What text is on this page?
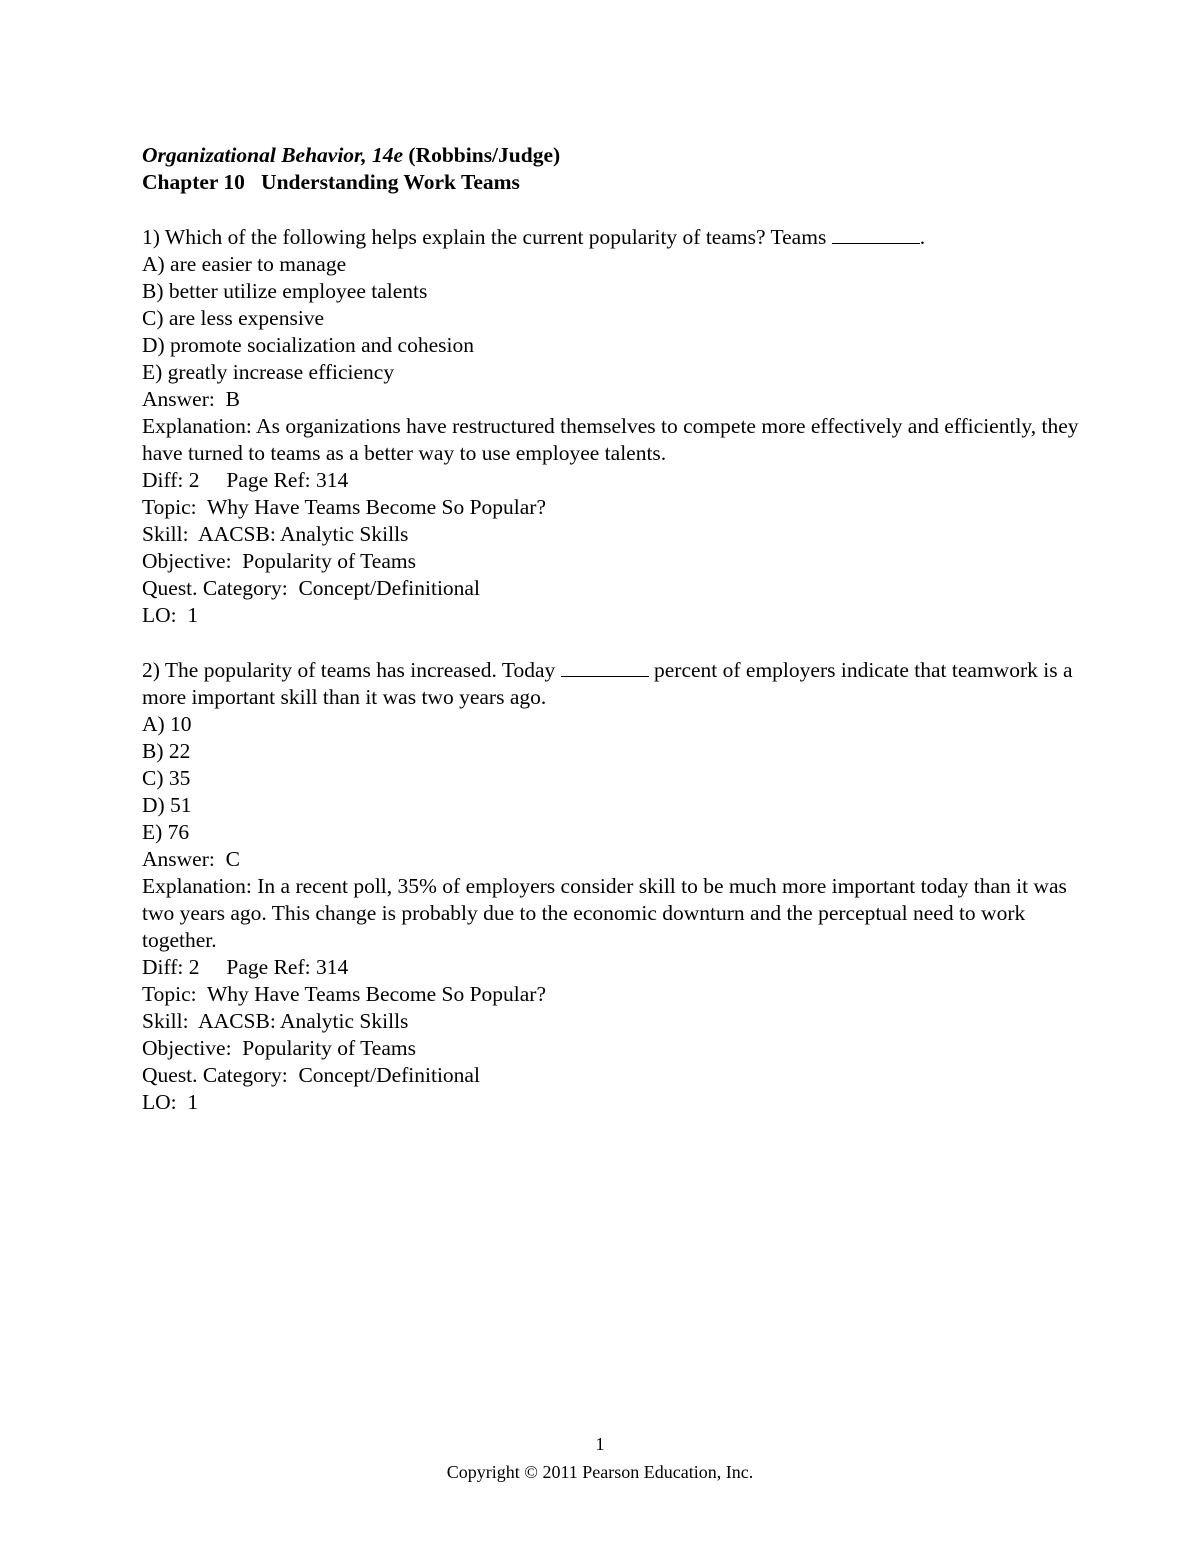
Organizational Behavior, 14e (Robbins/Judge)
Chapter 10   Understanding Work Teams
1) Which of the following helps explain the current popularity of teams? Teams	.
A) are easier to manage
B) better utilize employee talents
C) are less expensive
D) promote socialization and cohesion
E) greatly increase efficiency
Answer:  B
Explanation: As organizations have restructured themselves to compete more effectively and efficiently, they have turned to teams as a better way to use employee talents.
Diff: 2     Page Ref: 314
Topic:  Why Have Teams Become So Popular?
Skill:  AACSB: Analytic Skills
Objective:  Popularity of Teams
Quest. Category:  Concept/Definitional
LO:  1
2) The popularity of teams has increased. Today	percent of employers indicate that teamwork is a more important skill than it was two years ago.
A) 10
B) 22
C) 35
D) 51
E) 76
Answer:  C
Explanation: In a recent poll, 35% of employers consider skill to be much more important today than it was two years ago. This change is probably due to the economic downturn and the perceptual need to work together.
Diff: 2     Page Ref: 314
Topic:  Why Have Teams Become So Popular?
Skill:  AACSB: Analytic Skills
Objective:  Popularity of Teams
Quest. Category:  Concept/Definitional
LO:  1
1
Copyright © 2011 Pearson Education, Inc.
